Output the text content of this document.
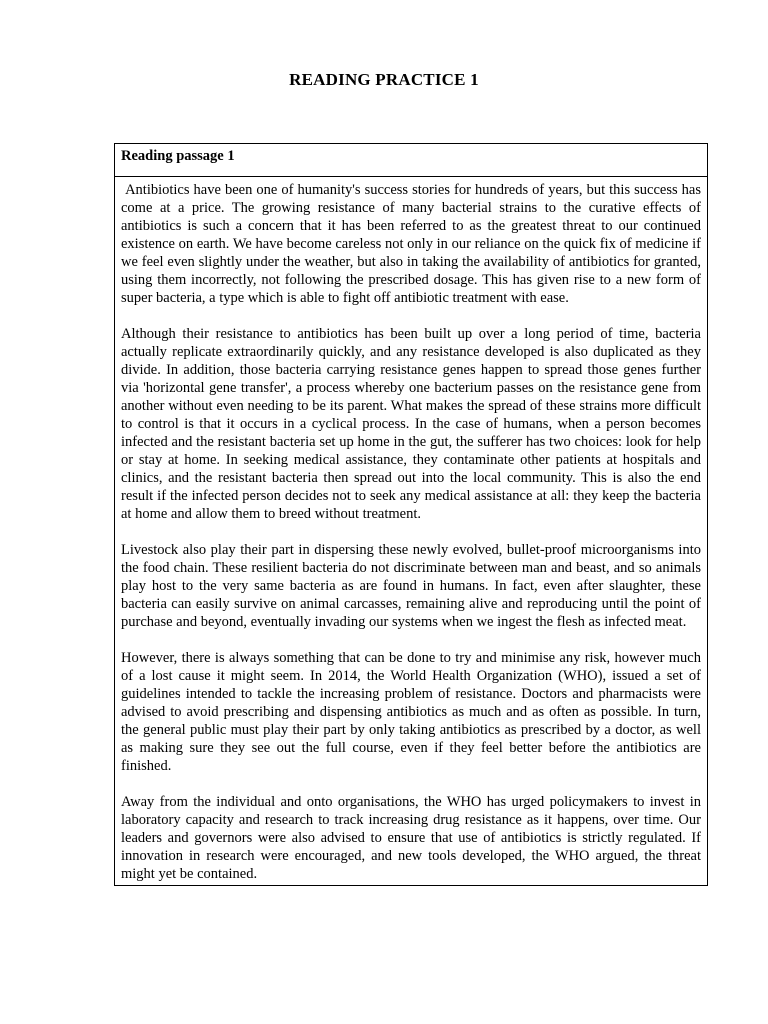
READING PRACTICE 1
Reading passage 1

Antibiotics have been one of humanity's success stories for hundreds of years, but this success has come at a price. The growing resistance of many bacterial strains to the curative effects of antibiotics is such a concern that it has been referred to as the greatest threat to our continued existence on earth. We have become careless not only in our reliance on the quick fix of medicine if we feel even slightly under the weather, but also in taking the availability of antibiotics for granted, using them incorrectly, not following the prescribed dosage. This has given rise to a new form of super bacteria, a type which is able to fight off antibiotic treatment with ease.

Although their resistance to antibiotics has been built up over a long period of time, bacteria actually replicate extraordinarily quickly, and any resistance developed is also duplicated as they divide. In addition, those bacteria carrying resistance genes happen to spread those genes further via 'horizontal gene transfer', a process whereby one bacterium passes on the resistance gene from another without even needing to be its parent. What makes the spread of these strains more difficult to control is that it occurs in a cyclical process. In the case of humans, when a person becomes infected and the resistant bacteria set up home in the gut, the sufferer has two choices: look for help or stay at home. In seeking medical assistance, they contaminate other patients at hospitals and clinics, and the resistant bacteria then spread out into the local community. This is also the end result if the infected person decides not to seek any medical assistance at all: they keep the bacteria at home and allow them to breed without treatment.

Livestock also play their part in dispersing these newly evolved, bullet-proof microorganisms into the food chain. These resilient bacteria do not discriminate between man and beast, and so animals play host to the very same bacteria as are found in humans. In fact, even after slaughter, these bacteria can easily survive on animal carcasses, remaining alive and reproducing until the point of purchase and beyond, eventually invading our systems when we ingest the flesh as infected meat.

However, there is always something that can be done to try and minimise any risk, however much of a lost cause it might seem. In 2014, the World Health Organization (WHO), issued a set of guidelines intended to tackle the increasing problem of resistance. Doctors and pharmacists were advised to avoid prescribing and dispensing antibiotics as much and as often as possible. In turn, the general public must play their part by only taking antibiotics as prescribed by a doctor, as well as making sure they see out the full course, even if they feel better before the antibiotics are finished.

Away from the individual and onto organisations, the WHO has urged policymakers to invest in laboratory capacity and research to track increasing drug resistance as it happens, over time. Our leaders and governors were also advised to ensure that use of antibiotics is strictly regulated. If innovation in research were encouraged, and new tools developed, the WHO argued, the threat might yet be contained.
